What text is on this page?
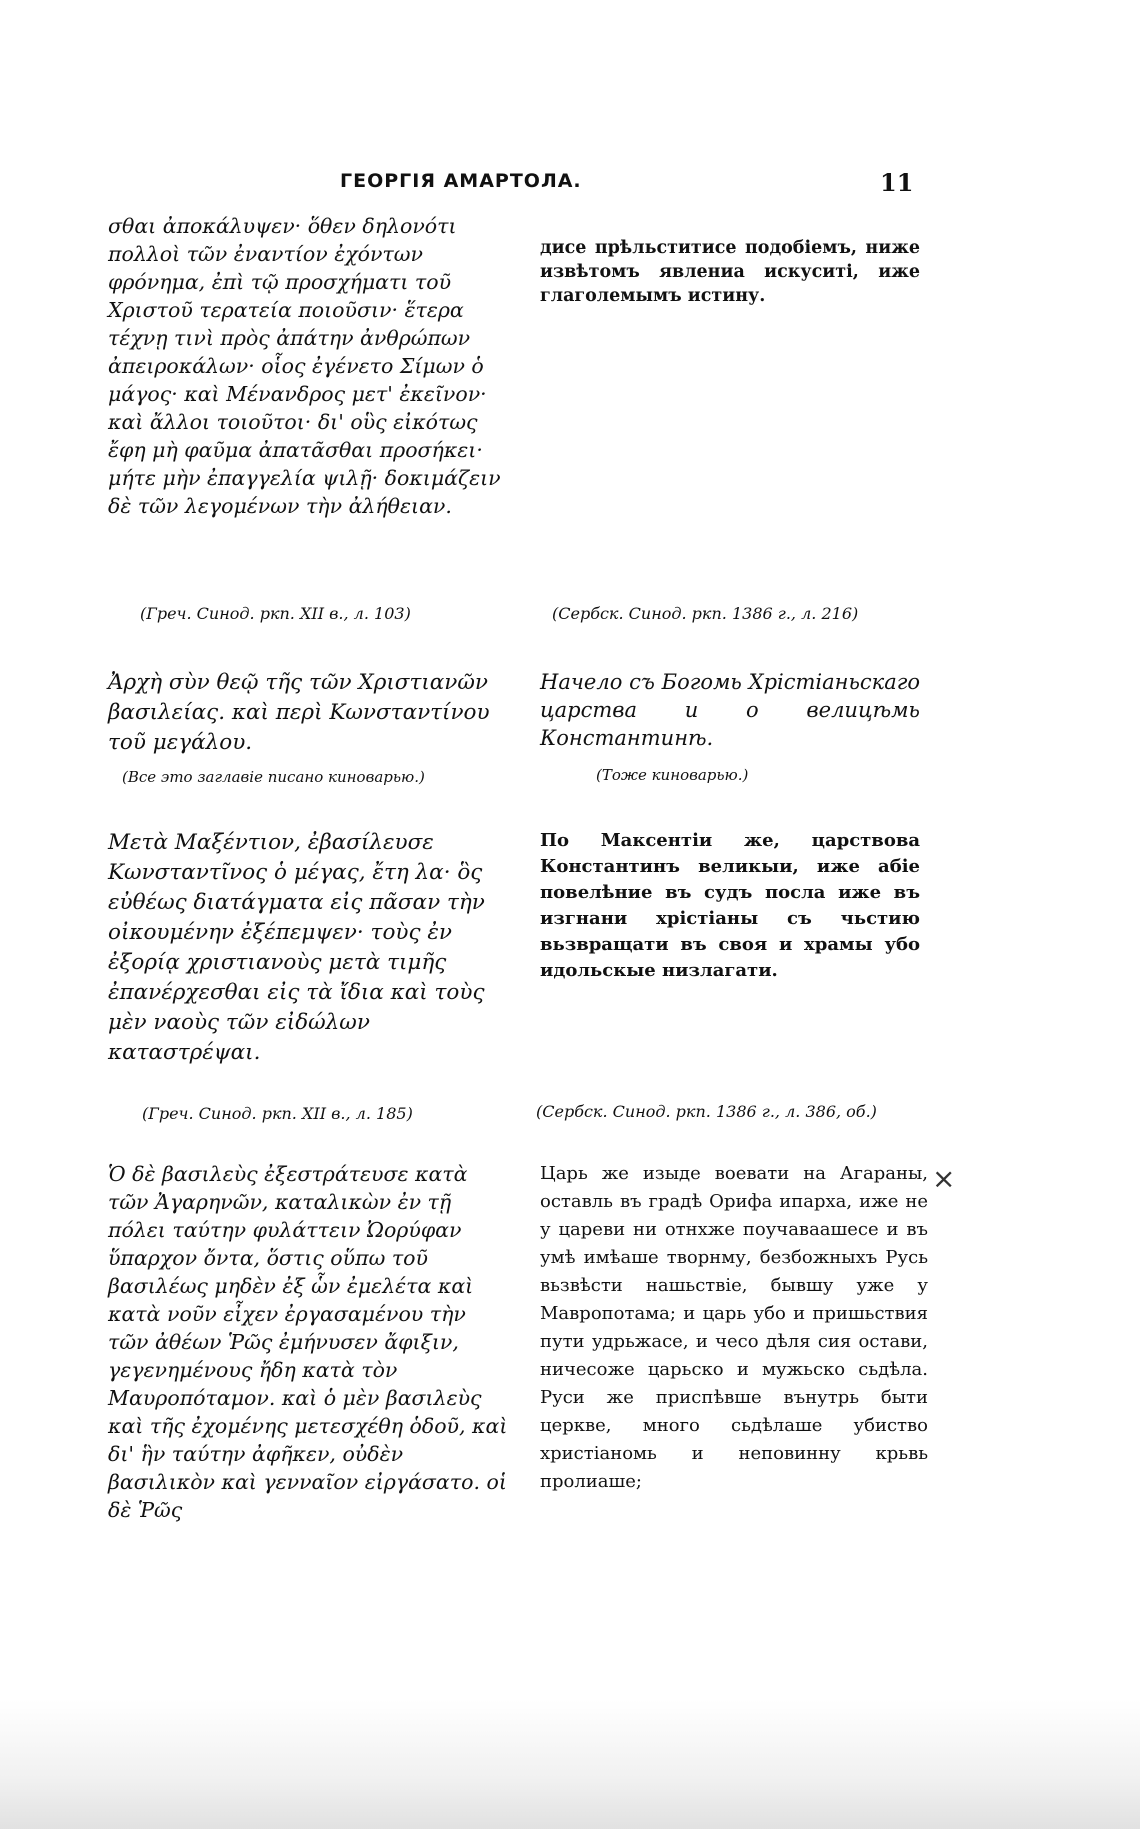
ГЕОРГІЯ АМАРТОЛА.	11

σθαι ἀποκάλυψεν· ὅθεν δηλονότι πολλοὶ τῶν ἐναντίον ἐχόντων φρόνημα, ἐπὶ τῷ προσχήματι τοῦ Χριστοῦ τερατεία ποιοῦσιν· ἕτερα τέχνῃ τινὶ πρὸς ἀπάτην ἀνθρώπων ἀπειροκάλων· οἷος ἐγένετο Σίμων ὁ μάγος· καὶ Μένανδρος μετ' ἐκεῖνον· καὶ ἄλλοι τοιοῦτοι· δι' οὓς εἰκότως ἔφη μὴ φαῦμα ἀπατᾶσθαι προσήκει· μήτε μὴν ἐπαγγελία ψιλῇ· δοκιμάζειν δὲ τῶν λεγομένων τὴν ἀλήθειαν.

дисе прѣльститисе подобіемъ, ниже извѣтомъ явлениа искуситі, иже глаголемымъ истину.

(Греч. Синод. ркп. XII в., л. 103)	(Сербск. Синод. ркп. 1386 г., л. 216)

Ἀρχὴ σὺν θεῷ τῆς τῶν Χριστιανῶν βασιλείας. καὶ περὶ Κωνσταντίνου τοῦ μεγάλου.

Начело съ Богомь Хрістіаньскаго царства и о велицѣмь Константинѣ.

(Все это заглавіе писано киноварью.)	(Тоже киноварью.)

Μετὰ Μαξέντιον, ἐβασίλευσε Κωνσταντῖνος ὁ μέγας, ἔτη λα· ὃς εὐθέως διατάγματα εἰς πᾶσαν τὴν οἰκουμένην ἐξέπεμψεν· τοὺς ἐν ἐξορίᾳ χριστιανοὺς μετὰ τιμῆς ἐπανέρχεσθαι εἰς τὰ ἴδια καὶ τοὺς μὲν ναοὺς τῶν εἰδώλων καταστρέψαι.

По Максентіи же, царствова Константинъ великыи, иже абіе повелѣние въ судъ посла иже въ изгнани хрістіаны съ чьстию вьзвращати въ своя и храмы убо идольскые низлагати.

(Греч. Синод. ркп. XII в., л. 185)	(Сербск. Синод. ркп. 1386 г., л. 386, об.)

Ὁ δὲ βασιλεὺς ἐξεστράτευσε κατὰ τῶν Ἀγαρηνῶν, καταλικὼν ἐν τῇ πόλει ταύτην φυλάττειν Ὠορύφαν ὕπαρχον ὄντα, ὅστις οὕπω τοῦ βασιλέως μηδὲν ἐξ ὧν ἐμελέτα καὶ κατὰ νοῦν εἶχεν ἐργασαμένου τὴν τῶν ἀθέων Ῥῶς ἐμήνυσεν ἄφιξιν, γεγενημένους ἤδη κατὰ τὸν Μαυροπόταμον. καὶ ὁ μὲν βασιλεὺς καὶ τῆς ἐχομένης μετεσχέθη ὁδοῦ, καὶ δι' ἣν ταύτην ἀφῆκεν, οὐδὲν βασιλικὸν καὶ γενναῖον εἰργάσατο. οἱ δὲ Ῥῶς

Царь же изыде воевати на Агараны, оставль въ градѣ Орифа ипарха, иже не у цареви ни отнхже поучаваашесе и въ умѣ имѣаше творнму, безбожныхъ Русь вьзвѣсти нашьствіе, бывшу уже у Мавропотама; и царь убо и пришьствия пути удрьжасе, и чесо дѣля сия остави, ничесоже царьско и мужьско сьдѣла. Руси же приспѣвше вънутрь быти церкве, много сьдѣлаше убиство христіаномь и неповинну крьвь пролиаше;

×
